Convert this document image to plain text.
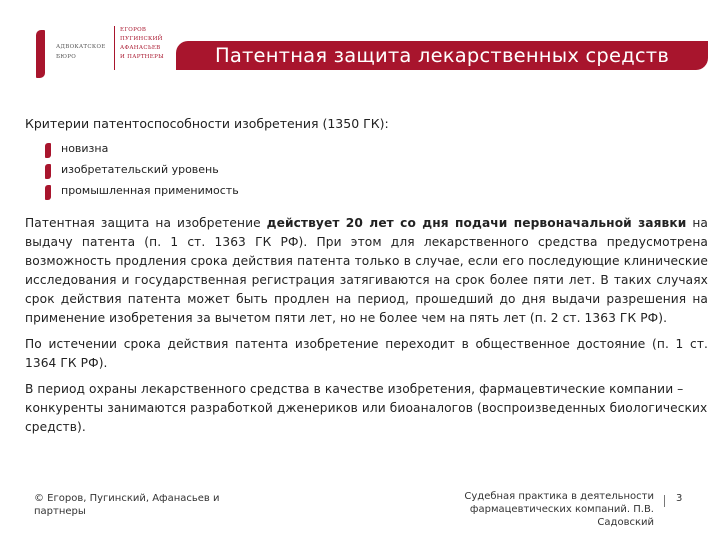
АДВОКАТСКОЕ
БЮРО
ЕГОРОВ
ПУГИНСКИЙ
АФАНАСЬЕВ
И ПАРТНЕРЫ	Патентная защита лекарственных средств
Критерии патентоспособности изобретения (1350 ГК):
новизна
изобретательский уровень
промышленная применимость

Патентная защита на изобретение действует 20 лет со дня подачи первоначальной заявки на выдачу патента (п. 1 ст. 1363 ГК РФ). При этом для лекарственного средства предусмотрена возможность продления срока действия патента только в случае, если его последующие клинические исследования и государственная регистрация затягиваются на срок более пяти лет. В таких случаях срок действия патента может быть продлен на период, прошедший до дня выдачи разрешения на применение изобретения за вычетом пяти лет, но не более чем на пять лет (п. 2 ст. 1363 ГК РФ).

По истечении срока действия патента изобретение переходит в общественное достояние (п. 1 ст. 1364 ГК РФ).

В период охраны лекарственного средства в качестве изобретения, фармацевтические компании – конкуренты занимаются разработкой дженериков или биоаналогов (воспроизведенных биологических средств).

© Егоров, Пугинский, Афанасьев и партнеры
Судебная практика в деятельности фармацевтических компаний. П.В. Садовский
3
